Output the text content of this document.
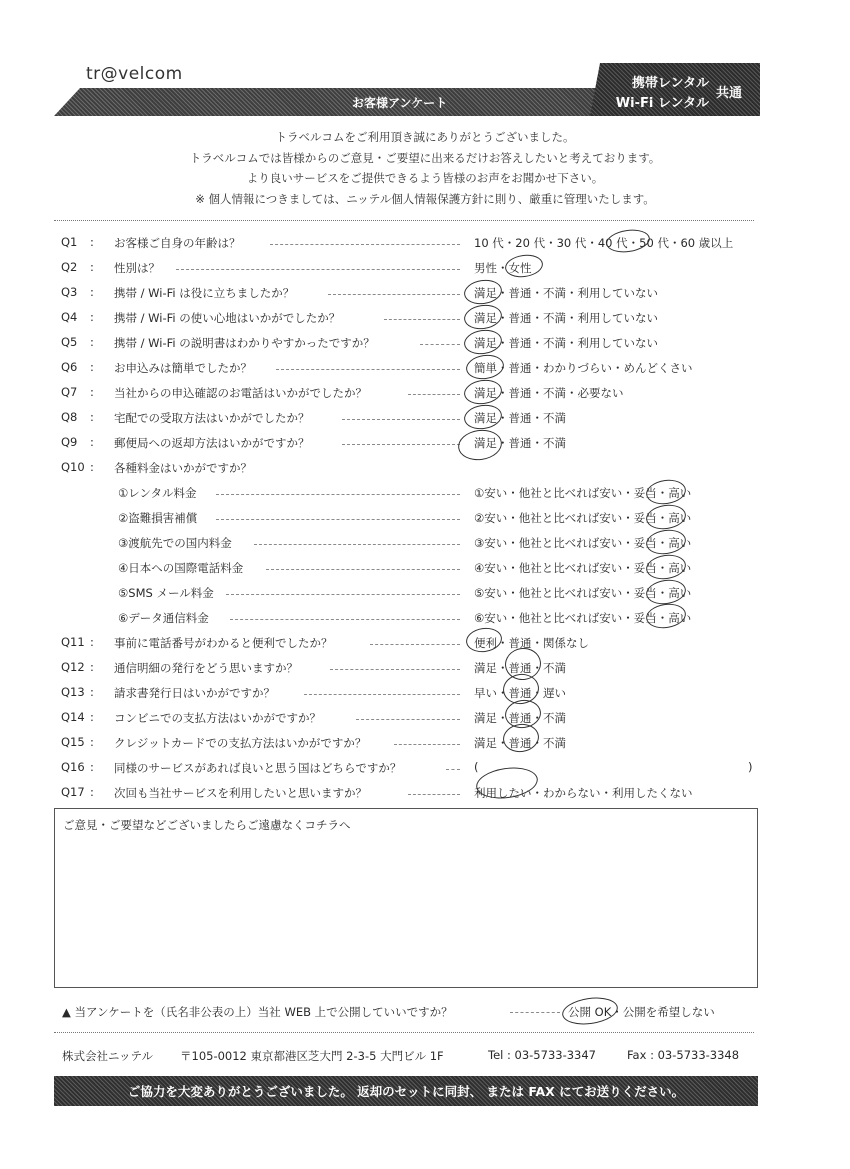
tr@velcom
お客様アンケート
携帯レンタル
Wi-Fi レンタル
共通
トラベルコムをご利用頂き誠にありがとうございました。
トラベルコムでは皆様からのご意見・ご要望に出来るだけお答えしたいと考えております。
より良いサービスをご提供できるよう皆様のお声をお聞かせ下さい。
※ 個人情報につきましては、ニッテル個人情報保護方針に則り、厳重に管理いたします。
Q1 : お客様ご自身の年齢は？	10 代・20 代・30 代・40 代・50 代・60 歳以上
Q2 : 性別は？	男性・女性
Q3 : 携帯 / Wi-Fi は役に立ちましたか？	満足・普通・不満・利用していない
Q4 : 携帯 / Wi-Fi の使い心地はいかがでしたか？	満足・普通・不満・利用していない
Q5 : 携帯 / Wi-Fi の説明書はわかりやすかったですか？	満足・普通・不満・利用していない
Q6 : お申込みは簡単でしたか？	簡単・普通・わかりづらい・めんどくさい
Q7 : 当社からの申込確認のお電話はいかがでしたか？	満足・普通・不満・必要ない
Q8 : 宅配での受取方法はいかがでしたか？	満足・普通・不満
Q9 : 郵便局への返却方法はいかがですか？	満足・普通・不満
Q10 : 各種料金はいかがですか？
①レンタル料金	①安い・他社と比べれば安い・妥当・高い
②盗難損害補償	②安い・他社と比べれば安い・妥当・高い
③渡航先での国内料金	③安い・他社と比べれば安い・妥当・高い
④日本への国際電話料金	④安い・他社と比べれば安い・妥当・高い
⑤SMS メール料金	⑤安い・他社と比べれば安い・妥当・高い
⑥データ通信料金	⑥安い・他社と比べれば安い・妥当・高い
Q11 : 事前に電話番号がわかると便利でしたか？	便利・普通・関係なし
Q12 : 通信明細の発行をどう思いますか？	満足・普通・不満
Q13 : 請求書発行日はいかがですか？	早い・普通・遅い
Q14 : コンビニでの支払方法はいかがですか？	満足・普通・不満
Q15 : クレジットカードでの支払方法はいかがですか？	満足・普通・不満
Q16 : 同様のサービスがあれば良いと思う国はどちらですか？	(	)
Q17 : 次回も当社サービスを利用したいと思いますか？	利用したい・わからない・利用したくない
ご意見・ご要望などございましたらご遠慮なくコチラへ
▲ 当アンケートを（氏名非公表の上）当社 WEB 上で公開していいですか？	公開 OK・公開を希望しない
株式会社ニッテル 〒105-0012 東京都港区芝大門 2-3-5 大門ビル 1F	Tel : 03-5733-3347	Fax : 03-5733-3348
ご協力を大変ありがとうございました。 返却のセットに同封、 または FAX にてお送りください。
